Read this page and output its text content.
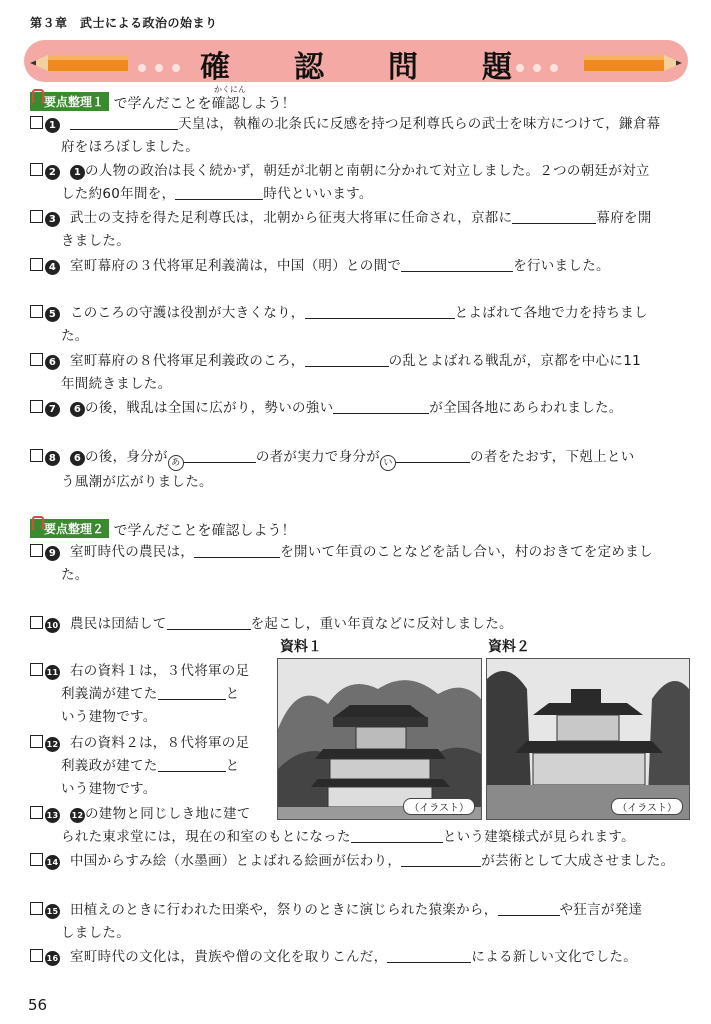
第３章　武士による政治の始まり
確 認 問 題
かくにん
要点整理１ で学んだことを確認しよう！
1	天皇は，執権の北条氏に反感を持つ足利尊氏らの武士を味方につけて，鎌倉幕
府をほろぼしました。
2 1 の人物の政治は長く続かず，朝廷が北朝と南朝に分かれて対立しました。２つの朝廷が対立
した約60年間を，	時代といいます。
3 武士の支持を得た足利尊氏は，北朝から征夷大将軍に任命され，京都に	幕府を開
きました。
4 室町幕府の３代将軍足利義満は，中国（明）との間で	を行いました。
5 このころの守護は役割が大きくなり，	とよばれて各地で力を持ちまし
た。
6 室町幕府の８代将軍足利義政のころ，	の乱とよばれる戦乱が，京都を中心に11
年間続きました。
7 6 の後，戦乱は全国に広がり，勢いの強い	が全国各地にあらわれました。
8 6 の後，身分が あ	の者が実力で身分が い	の者をたおす，下剋上とい
う風潮が広がりました。
要点整理２ で学んだことを確認しよう！
9 室町時代の農民は，	を開いて年貢のことなどを話し合い，村のおきてを定めまし
た。
10 農民は団結して	を起こし，重い年貢などに反対しました。
資料１	資料２
（イラスト）	（イラスト）
11 右の資料１は，３代将軍の足
利義満が建てた	と
いう建物です。
12 右の資料２は，８代将軍の足
利義政が建てた	と
いう建物です。
13 12 の建物と同じしき地に建て
られた東求堂には，現在の和室のもとになった	という建築様式が見られます。
14 中国からすみ絵（水墨画）とよばれる絵画が伝わり，	が芸術として大成させました。
15 田植えのときに行われた田楽や，祭りのときに演じられた猿楽から，	や狂言が発達
しました。
16 室町時代の文化は，貴族や僧の文化を取りこんだ，	による新しい文化でした。
56
